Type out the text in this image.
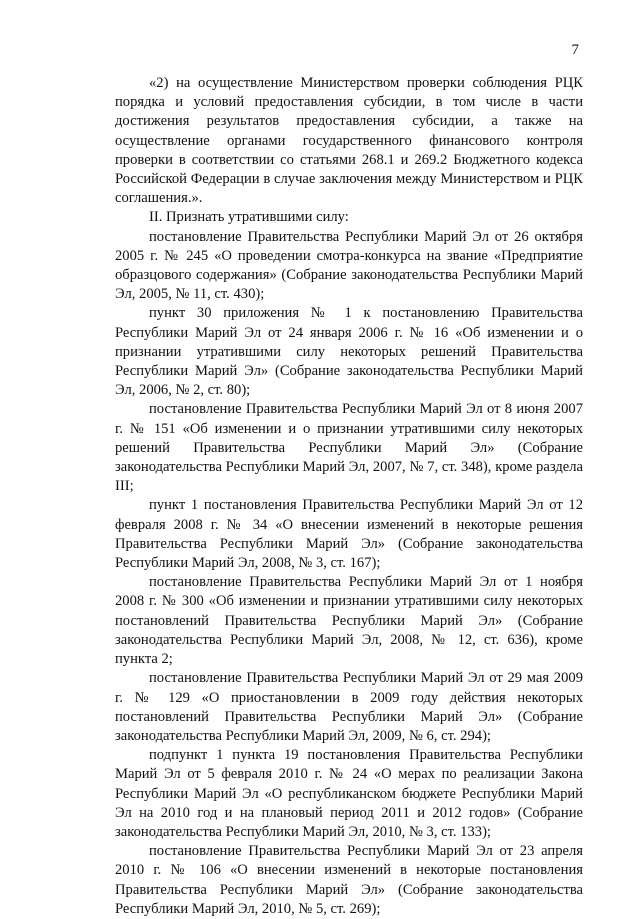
7

«2) на осуществление Министерством проверки соблюдения РЦК порядка и условий предоставления субсидии, в том числе в части достижения результатов предоставления субсидии, а также на осуществление органами государственного финансового контроля проверки в соответствии со статьями 268.1 и 269.2 Бюджетного кодекса Российской Федерации в случае заключения между Министерством и РЦК соглашения.».

II. Признать утратившими силу:

постановление Правительства Республики Марий Эл от 26 октября 2005 г. № 245 «О проведении смотра-конкурса на звание «Предприятие образцового содержания» (Собрание законодательства Республики Марий Эл, 2005, № 11, ст. 430);

пункт 30 приложения № 1 к постановлению Правительства Республики Марий Эл от 24 января 2006 г. № 16 «Об изменении и о признании утратившими силу некоторых решений Правительства Республики Марий Эл» (Собрание законодательства Республики Марий Эл, 2006, № 2, ст. 80);

постановление Правительства Республики Марий Эл от 8 июня 2007 г. № 151 «Об изменении и о признании утратившими силу некоторых решений Правительства Республики Марий Эл» (Собрание законодательства Республики Марий Эл, 2007, № 7, ст. 348), кроме раздела III;

пункт 1 постановления Правительства Республики Марий Эл от 12 февраля 2008 г. № 34 «О внесении изменений в некоторые решения Правительства Республики Марий Эл» (Собрание законодательства Республики Марий Эл, 2008, № 3, ст. 167);

постановление Правительства Республики Марий Эл от 1 ноября 2008 г. № 300 «Об изменении и признании утратившими силу некоторых постановлений Правительства Республики Марий Эл» (Собрание законодательства Республики Марий Эл, 2008, № 12, ст. 636), кроме пункта 2;

постановление Правительства Республики Марий Эл от 29 мая 2009 г. № 129 «О приостановлении в 2009 году действия некоторых постановлений Правительства Республики Марий Эл» (Собрание законодательства Республики Марий Эл, 2009, № 6, ст. 294);

подпункт 1 пункта 19 постановления Правительства Республики Марий Эл от 5 февраля 2010 г. № 24 «О мерах по реализации Закона Республики Марий Эл «О республиканском бюджете Республики Марий Эл на 2010 год и на плановый период 2011 и 2012 годов» (Собрание законодательства Республики Марий Эл, 2010, № 3, ст. 133);

постановление Правительства Республики Марий Эл от 23 апреля 2010 г. № 106 «О внесении изменений в некоторые постановления Правительства Республики Марий Эл» (Собрание законодательства Республики Марий Эл, 2010, № 5, ст. 269);
